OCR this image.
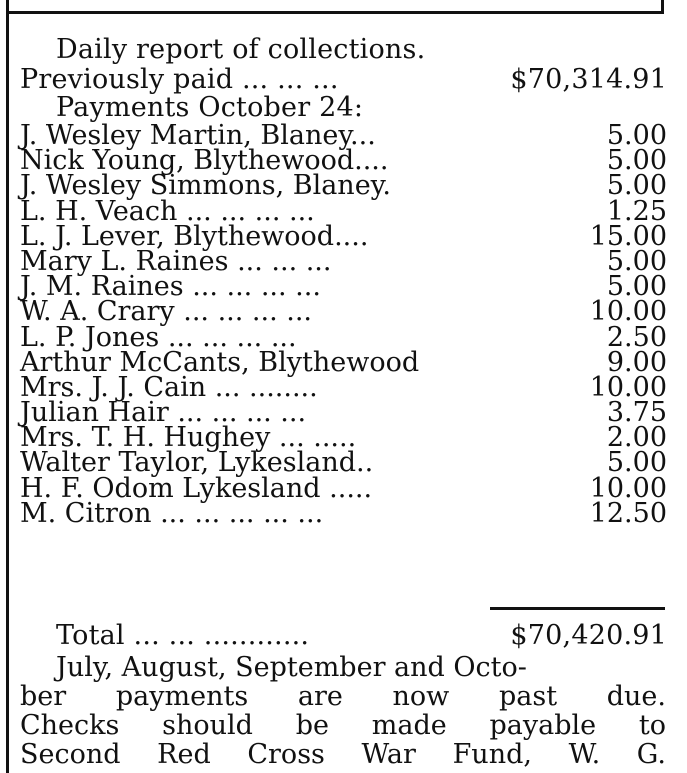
Daily report of collections.
Previously paid ... ... ...	$70,314.91
Payments October 24:
J. Wesley Martin, Blaney...	5.00
Nick Young, Blythewood....	5.00
J. Wesley Simmons, Blaney.	5.00
L. H. Veach ... ... ... ...	1.25
L. J. Lever, Blythewood....	15.00
Mary L. Raines ... ... ...	5.00
J. M. Raines ... ... ... ...	5.00
W. A. Crary ... ... ... ...	10.00
L. P. Jones ... ... ... ...	2.50
Arthur McCants, Blythewood	9.00
Mrs. J. J. Cain ... ........	10.00
Julian Hair ... ... ... ...	3.75
Mrs. T. H. Hughey ... .....	2.00
Walter Taylor, Lykesland..	5.00
H. F. Odom Lykesland .....	10.00
M. Citron ... ... ... ... ...	12.50
Total ... ... ............	$70,420.91
July, August, September and Octo-
ber payments are now past due.
Checks should be made payable to
Second Red Cross War Fund, W. G.
